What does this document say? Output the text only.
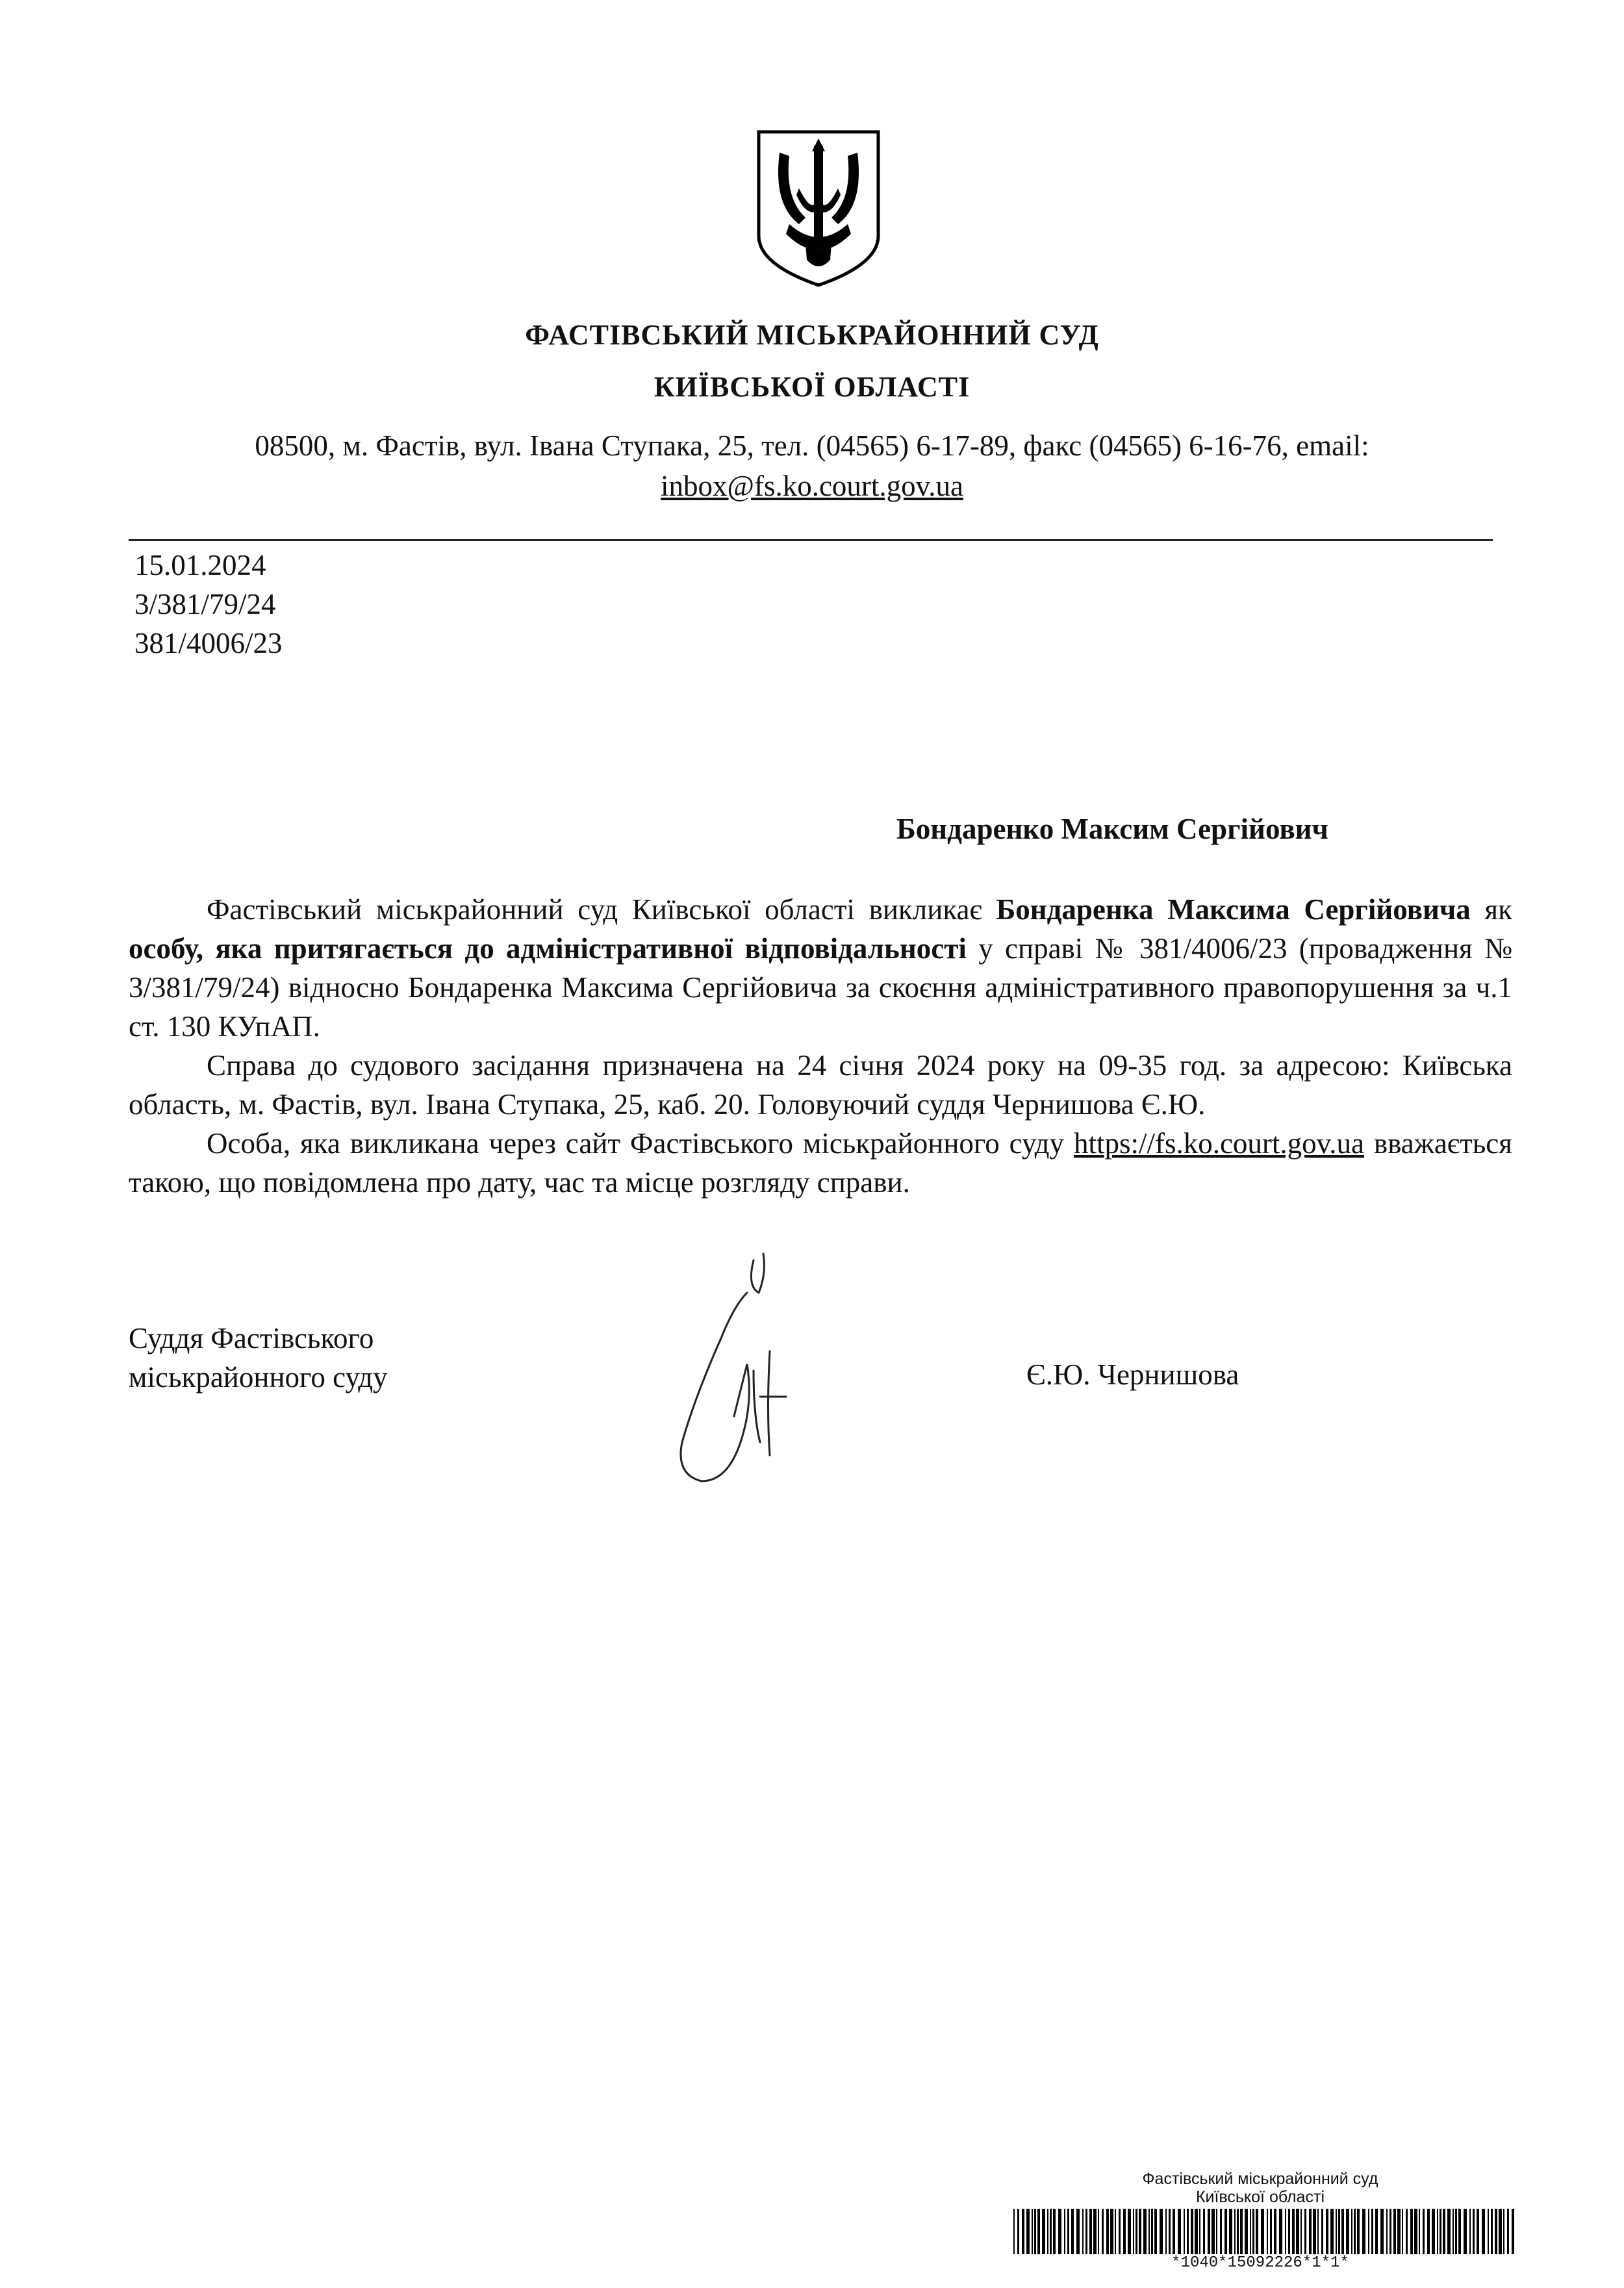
ФАСТІВСЬКИЙ МІСЬКРАЙОННИЙ СУД
КИЇВСЬКОЇ ОБЛАСТІ
08500, м. Фастів, вул. Івана Ступака, 25, тел. (04565) 6-17-89, факс (04565) 6-16-76, email:
inbox@fs.ko.court.gov.ua
15.01.2024
3/381/79/24
381/4006/23
Бондаренко Максим Сергійович

Фастівський міськрайонний суд Київської області викликає Бондаренка Максима Сергійовича як особу, яка притягається до адміністративної відповідальності у справі № 381/4006/23 (провадження № 3/381/79/24) відносно Бондаренка Максима Сергійовича за скоєння адміністративного правопорушення за ч.1 ст. 130 КУпАП.

Справа до судового засідання призначена на 24 січня 2024 року на 09-35 год. за адресою: Київська область, м. Фастів, вул. Івана Ступака, 25, каб. 20. Головуючий суддя Чернишова Є.Ю.

Особа, яка викликана через сайт Фастівського міськрайонного суду https://fs.ko.court.gov.ua вважається такою, що повідомлена про дату, час та місце розгляду справи.

Суддя Фастівського
міськрайонного суду	Є.Ю. Чернишова
Фастівський міськрайонний суд
Київської області
*1040*15092226*1*1*
